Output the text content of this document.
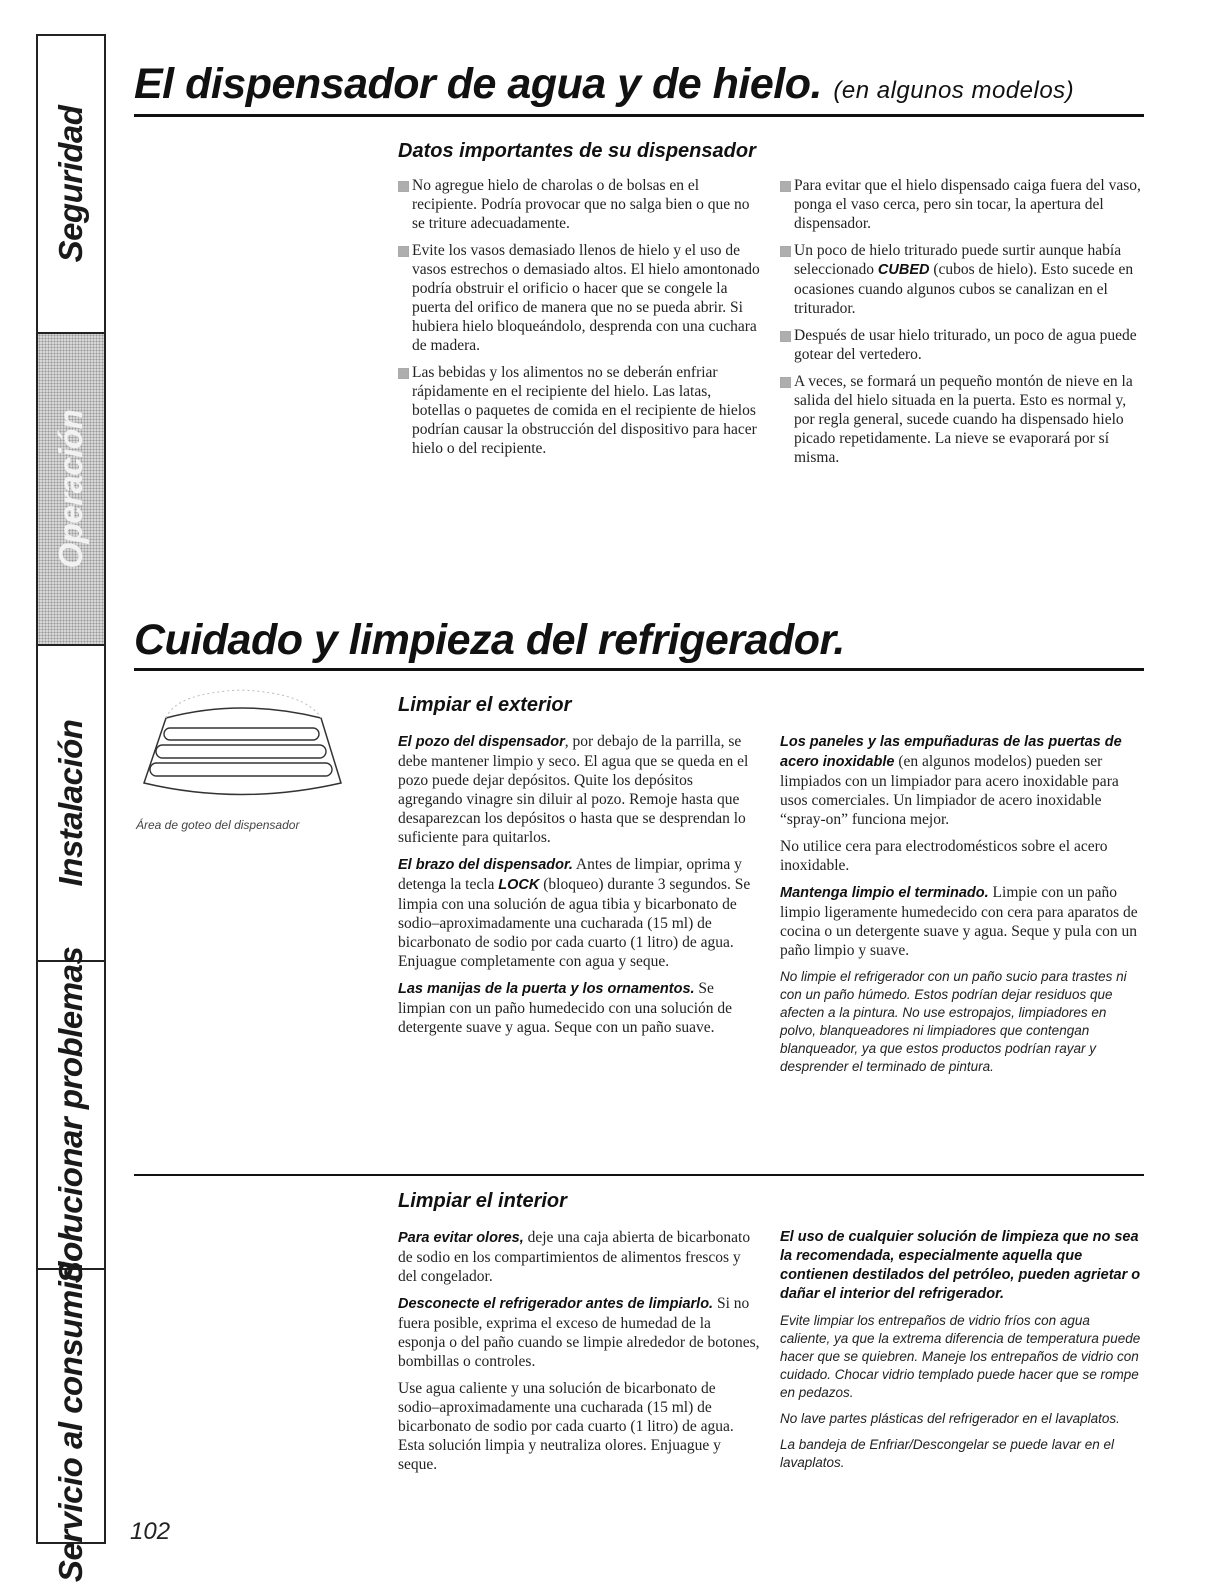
Seguridad
Operación
Instalación
Solucionar problemas
Servicio al consumidor
El dispensador de agua y de hielo. (en algunos modelos)
Datos importantes de su dispensador
No agregue hielo de charolas o de bolsas en el recipiente. Podría provocar que no salga bien o que no se triture adecuadamente.
Evite los vasos demasiado llenos de hielo y el uso de vasos estrechos o demasiado altos. El hielo amontonado podría obstruir el orificio o hacer que se congele la puerta del orifico de manera que no se pueda abrir. Si hubiera hielo bloqueándolo, desprenda con una cuchara de madera.
Las bebidas y los alimentos no se deberán enfriar rápidamente en el recipiente del hielo. Las latas, botellas o paquetes de comida en el recipiente de hielos podrían causar la obstrucción del dispositivo para hacer hielo o del recipiente.
Para evitar que el hielo dispensado caiga fuera del vaso, ponga el vaso cerca, pero sin tocar, la apertura del dispensador.
Un poco de hielo triturado puede surtir aunque había seleccionado CUBED (cubos de hielo). Esto sucede en ocasiones cuando algunos cubos se canalizan en el triturador.
Después de usar hielo triturado, un poco de agua puede gotear del vertedero.
A veces, se formará un pequeño montón de nieve en la salida del hielo situada en la puerta. Esto es normal y, por regla general, sucede cuando ha dispensado hielo picado repetidamente. La nieve se evaporará por sí misma.
Cuidado y limpieza del refrigerador.
Área de goteo del dispensador
Limpiar el exterior

El pozo del dispensador, por debajo de la parrilla, se debe mantener limpio y seco. El agua que se queda en el pozo puede dejar depósitos. Quite los depósitos agregando vinagre sin diluir al pozo. Remoje hasta que desaparezcan los depósitos o hasta que se desprendan lo suficiente para quitarlos.

El brazo del dispensador. Antes de limpiar, oprima y detenga la tecla LOCK (bloqueo) durante 3 segundos. Se limpia con una solución de agua tibia y bicarbonato de sodio–aproximadamente una cucharada (15 ml) de bicarbonato de sodio por cada cuarto (1 litro) de agua. Enjuague completamente con agua y seque.

Las manijas de la puerta y los ornamentos. Se limpian con un paño humedecido con una solución de detergente suave y agua. Seque con un paño suave.

Los paneles y las empuñaduras de las puertas de acero inoxidable (en algunos modelos) pueden ser limpiados con un limpiador para acero inoxidable para usos comerciales. Un limpiador de acero inoxidable “spray-on” funciona mejor.

No utilice cera para electrodomésticos sobre el acero inoxidable.

Mantenga limpio el terminado. Limpie con un paño limpio ligeramente humedecido con cera para aparatos de cocina o un detergente suave y agua. Seque y pula con un paño limpio y suave.

No limpie el refrigerador con un paño sucio para trastes ni con un paño húmedo. Estos podrían dejar residuos que afecten a la pintura. No use estropajos, limpiadores en polvo, blanqueadores ni limpiadores que contengan blanqueador, ya que estos productos podrían rayar y desprender el terminado de pintura.

Limpiar el interior

Para evitar olores, deje una caja abierta de bicarbonato de sodio en los compartimientos de alimentos frescos y del congelador.

Desconecte el refrigerador antes de limpiarlo. Si no fuera posible, exprima el exceso de humedad de la esponja o del paño cuando se limpie alrededor de botones, bombillas o controles.

Use agua caliente y una solución de bicarbonato de sodio–aproximadamente una cucharada (15 ml) de bicarbonato de sodio por cada cuarto (1 litro) de agua. Esta solución limpia y neutraliza olores. Enjuague y seque.

El uso de cualquier solución de limpieza que no sea la recomendada, especialmente aquella que contienen destilados del petróleo, pueden agrietar o dañar el interior del refrigerador.

Evite limpiar los entrepaños de vidrio fríos con agua caliente, ya que la extrema diferencia de temperatura puede hacer que se quiebren. Maneje los entrepaños de vidrio con cuidado. Chocar vidrio templado puede hacer que se rompe en pedazos.

No lave partes plásticas del refrigerador en el lavaplatos.

La bandeja de Enfriar/Descongelar se puede lavar en el lavaplatos.

102
